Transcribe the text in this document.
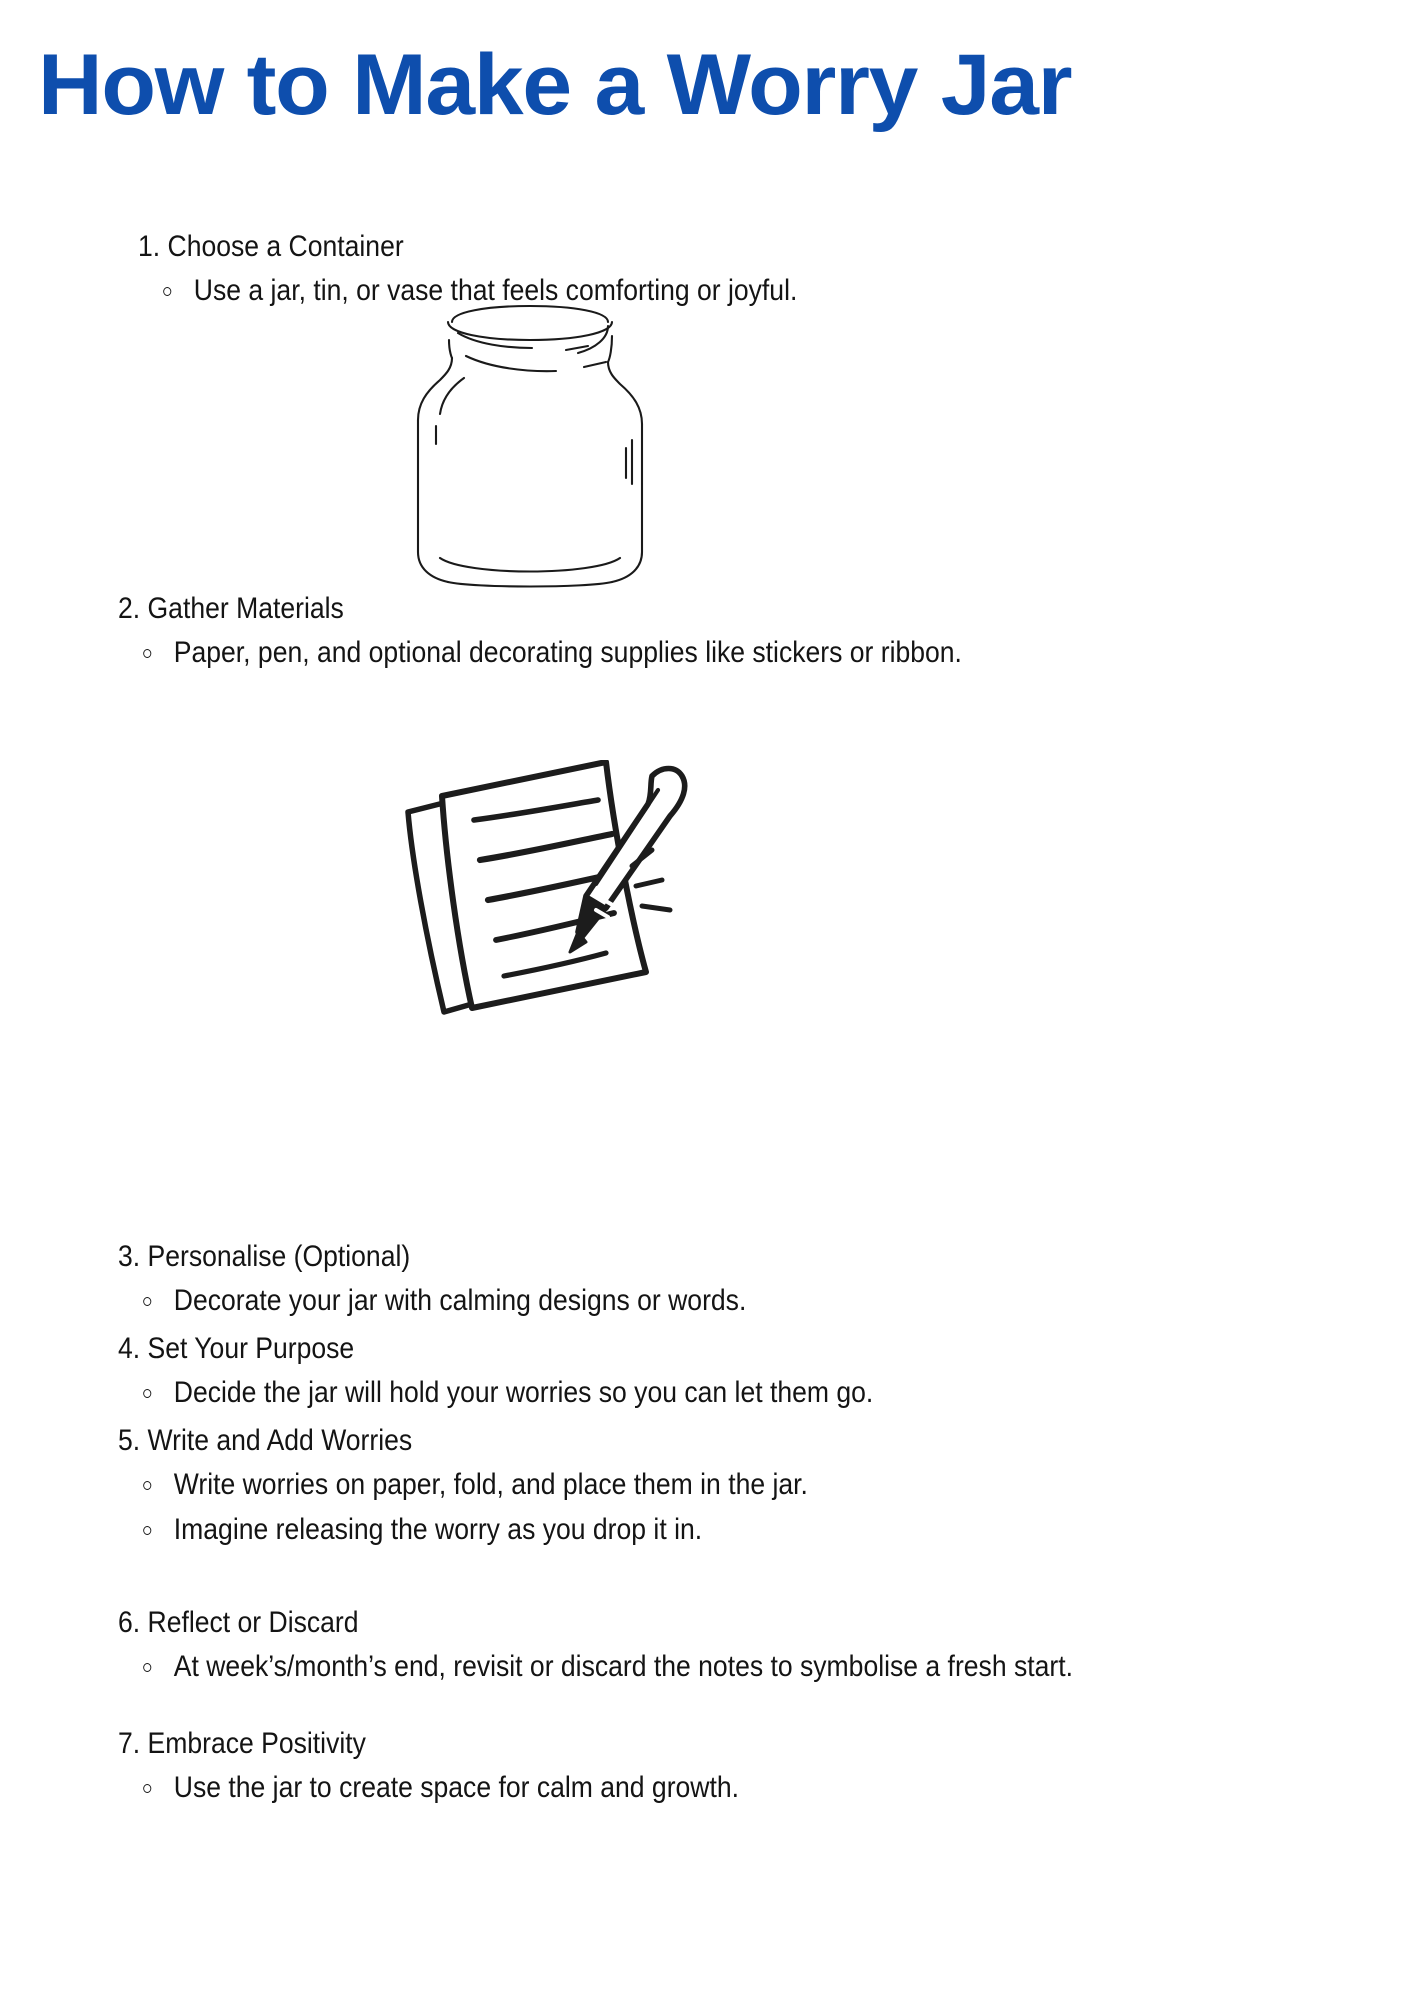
How to Make a Worry Jar
1. Choose a Container
Use a jar, tin, or vase that feels comforting or joyful.
2. Gather Materials
Paper, pen, and optional decorating supplies like stickers or ribbon.
3. Personalise (Optional)
Decorate your jar with calming designs or words.
4. Set Your Purpose
Decide the jar will hold your worries so you can let them go.
5. Write and Add Worries
Write worries on paper, fold, and place them in the jar.
Imagine releasing the worry as you drop it in.
6. Reflect or Discard
At week’s/month’s end, revisit or discard the notes to symbolise a fresh start.
7. Embrace Positivity
Use the jar to create space for calm and growth.
